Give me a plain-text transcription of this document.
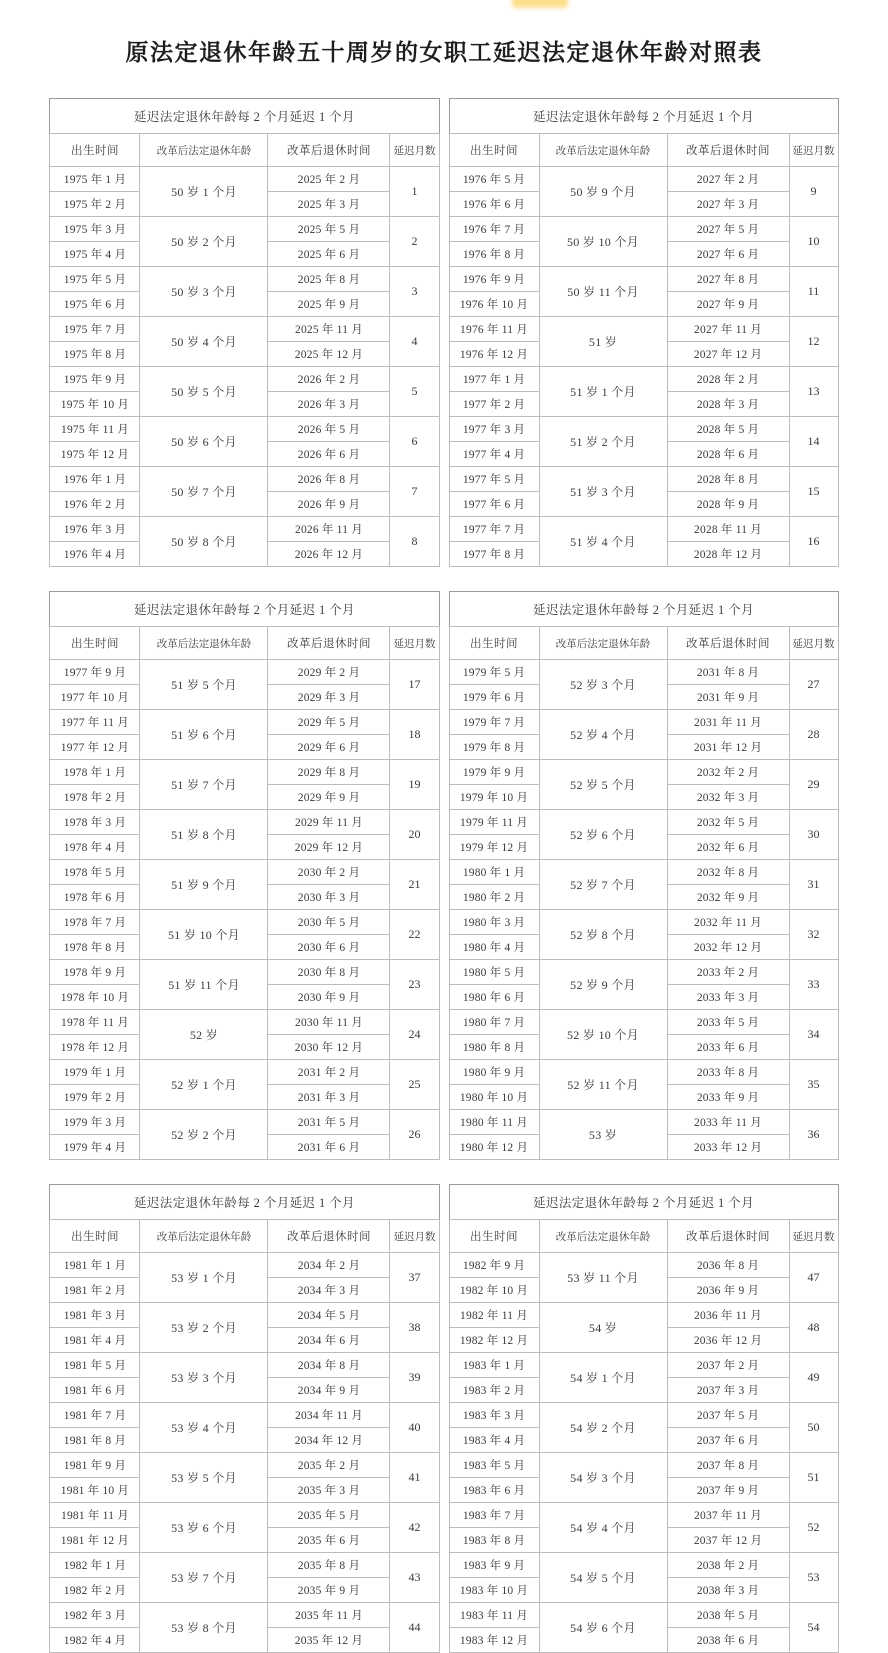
原法定退休年龄五十周岁的女职工延迟法定退休年龄对照表
延迟法定退休年龄每 2 个月延迟 1 个月			
出生时间	改革后法定退休年龄	改革后退休时间	延迟月数
1975 年 1 月	50 岁 1 个月	2025 年 2 月	1
1975 年 2 月		2025 年 3 月	
1975 年 3 月	50 岁 2 个月	2025 年 5 月	2
1975 年 4 月		2025 年 6 月	
1975 年 5 月	50 岁 3 个月	2025 年 8 月	3
1975 年 6 月		2025 年 9 月	
1975 年 7 月	50 岁 4 个月	2025 年 11 月	4
1975 年 8 月		2025 年 12 月	
1975 年 9 月	50 岁 5 个月	2026 年 2 月	5
1975 年 10 月		2026 年 3 月	
1975 年 11 月	50 岁 6 个月	2026 年 5 月	6
1975 年 12 月		2026 年 6 月	
1976 年 1 月	50 岁 7 个月	2026 年 8 月	7
1976 年 2 月		2026 年 9 月	
1976 年 3 月	50 岁 8 个月	2026 年 11 月	8
1976 年 4 月		2026 年 12 月	
延迟法定退休年龄每 2 个月延迟 1 个月			
出生时间	改革后法定退休年龄	改革后退休时间	延迟月数
1976 年 5 月	50 岁 9 个月	2027 年 2 月	9
1976 年 6 月		2027 年 3 月	
1976 年 7 月	50 岁 10 个月	2027 年 5 月	10
1976 年 8 月		2027 年 6 月	
1976 年 9 月	50 岁 11 个月	2027 年 8 月	11
1976 年 10 月		2027 年 9 月	
1976 年 11 月	51 岁	2027 年 11 月	12
1976 年 12 月		2027 年 12 月	
1977 年 1 月	51 岁 1 个月	2028 年 2 月	13
1977 年 2 月		2028 年 3 月	
1977 年 3 月	51 岁 2 个月	2028 年 5 月	14
1977 年 4 月		2028 年 6 月	
1977 年 5 月	51 岁 3 个月	2028 年 8 月	15
1977 年 6 月		2028 年 9 月	
1977 年 7 月	51 岁 4 个月	2028 年 11 月	16
1977 年 8 月		2028 年 12 月	
延迟法定退休年龄每 2 个月延迟 1 个月			
出生时间	改革后法定退休年龄	改革后退休时间	延迟月数
1977 年 9 月	51 岁 5 个月	2029 年 2 月	17
1977 年 10 月		2029 年 3 月	
1977 年 11 月	51 岁 6 个月	2029 年 5 月	18
1977 年 12 月		2029 年 6 月	
1978 年 1 月	51 岁 7 个月	2029 年 8 月	19
1978 年 2 月		2029 年 9 月	
1978 年 3 月	51 岁 8 个月	2029 年 11 月	20
1978 年 4 月		2029 年 12 月	
1978 年 5 月	51 岁 9 个月	2030 年 2 月	21
1978 年 6 月		2030 年 3 月	
1978 年 7 月	51 岁 10 个月	2030 年 5 月	22
1978 年 8 月		2030 年 6 月	
1978 年 9 月	51 岁 11 个月	2030 年 8 月	23
1978 年 10 月		2030 年 9 月	
1978 年 11 月	52 岁	2030 年 11 月	24
1978 年 12 月		2030 年 12 月	
1979 年 1 月	52 岁 1 个月	2031 年 2 月	25
1979 年 2 月		2031 年 3 月	
1979 年 3 月	52 岁 2 个月	2031 年 5 月	26
1979 年 4 月		2031 年 6 月	
延迟法定退休年龄每 2 个月延迟 1 个月			
出生时间	改革后法定退休年龄	改革后退休时间	延迟月数
1979 年 5 月	52 岁 3 个月	2031 年 8 月	27
1979 年 6 月		2031 年 9 月	
1979 年 7 月	52 岁 4 个月	2031 年 11 月	28
1979 年 8 月		2031 年 12 月	
1979 年 9 月	52 岁 5 个月	2032 年 2 月	29
1979 年 10 月		2032 年 3 月	
1979 年 11 月	52 岁 6 个月	2032 年 5 月	30
1979 年 12 月		2032 年 6 月	
1980 年 1 月	52 岁 7 个月	2032 年 8 月	31
1980 年 2 月		2032 年 9 月	
1980 年 3 月	52 岁 8 个月	2032 年 11 月	32
1980 年 4 月		2032 年 12 月	
1980 年 5 月	52 岁 9 个月	2033 年 2 月	33
1980 年 6 月		2033 年 3 月	
1980 年 7 月	52 岁 10 个月	2033 年 5 月	34
1980 年 8 月		2033 年 6 月	
1980 年 9 月	52 岁 11 个月	2033 年 8 月	35
1980 年 10 月		2033 年 9 月	
1980 年 11 月	53 岁	2033 年 11 月	36
1980 年 12 月		2033 年 12 月	
延迟法定退休年龄每 2 个月延迟 1 个月			
出生时间	改革后法定退休年龄	改革后退休时间	延迟月数
1981 年 1 月	53 岁 1 个月	2034 年 2 月	37
1981 年 2 月		2034 年 3 月	
1981 年 3 月	53 岁 2 个月	2034 年 5 月	38
1981 年 4 月		2034 年 6 月	
1981 年 5 月	53 岁 3 个月	2034 年 8 月	39
1981 年 6 月		2034 年 9 月	
1981 年 7 月	53 岁 4 个月	2034 年 11 月	40
1981 年 8 月		2034 年 12 月	
1981 年 9 月	53 岁 5 个月	2035 年 2 月	41
1981 年 10 月		2035 年 3 月	
1981 年 11 月	53 岁 6 个月	2035 年 5 月	42
1981 年 12 月		2035 年 6 月	
1982 年 1 月	53 岁 7 个月	2035 年 8 月	43
1982 年 2 月		2035 年 9 月	
1982 年 3 月	53 岁 8 个月	2035 年 11 月	44
1982 年 4 月		2035 年 12 月	
延迟法定退休年龄每 2 个月延迟 1 个月			
出生时间	改革后法定退休年龄	改革后退休时间	延迟月数
1982 年 9 月	53 岁 11 个月	2036 年 8 月	47
1982 年 10 月		2036 年 9 月	
1982 年 11 月	54 岁	2036 年 11 月	48
1982 年 12 月		2036 年 12 月	
1983 年 1 月	54 岁 1 个月	2037 年 2 月	49
1983 年 2 月		2037 年 3 月	
1983 年 3 月	54 岁 2 个月	2037 年 5 月	50
1983 年 4 月		2037 年 6 月	
1983 年 5 月	54 岁 3 个月	2037 年 8 月	51
1983 年 6 月		2037 年 9 月	
1983 年 7 月	54 岁 4 个月	2037 年 11 月	52
1983 年 8 月		2037 年 12 月	
1983 年 9 月	54 岁 5 个月	2038 年 2 月	53
1983 年 10 月		2038 年 3 月	
1983 年 11 月	54 岁 6 个月	2038 年 5 月	54
1983 年 12 月		2038 年 6 月	
